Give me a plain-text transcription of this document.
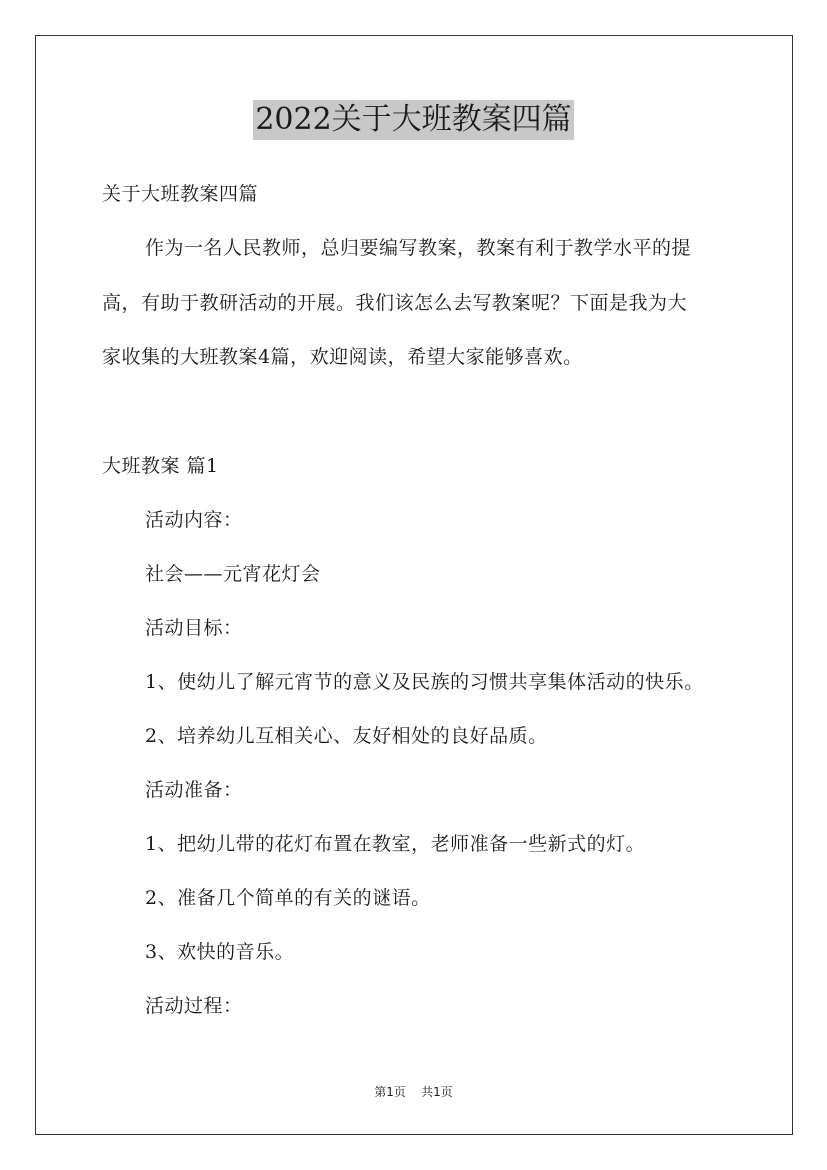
2022关于大班教案四篇
关于大班教案四篇
作为一名人民教师，总归要编写教案，教案有利于教学水平的提
高，有助于教研活动的开展。我们该怎么去写教案呢？下面是我为大
家收集的大班教案4篇，欢迎阅读，希望大家能够喜欢。
大班教案 篇1
活动内容：
社会——元宵花灯会
活动目标：
1、使幼儿了解元宵节的意义及民族的习惯共享集体活动的快乐。
2、培养幼儿互相关心、友好相处的良好品质。
活动准备：
1、把幼儿带的花灯布置在教室，老师准备一些新式的灯。
2、准备几个简单的有关的谜语。
3、欢快的音乐。
活动过程：
第1页 共1页
